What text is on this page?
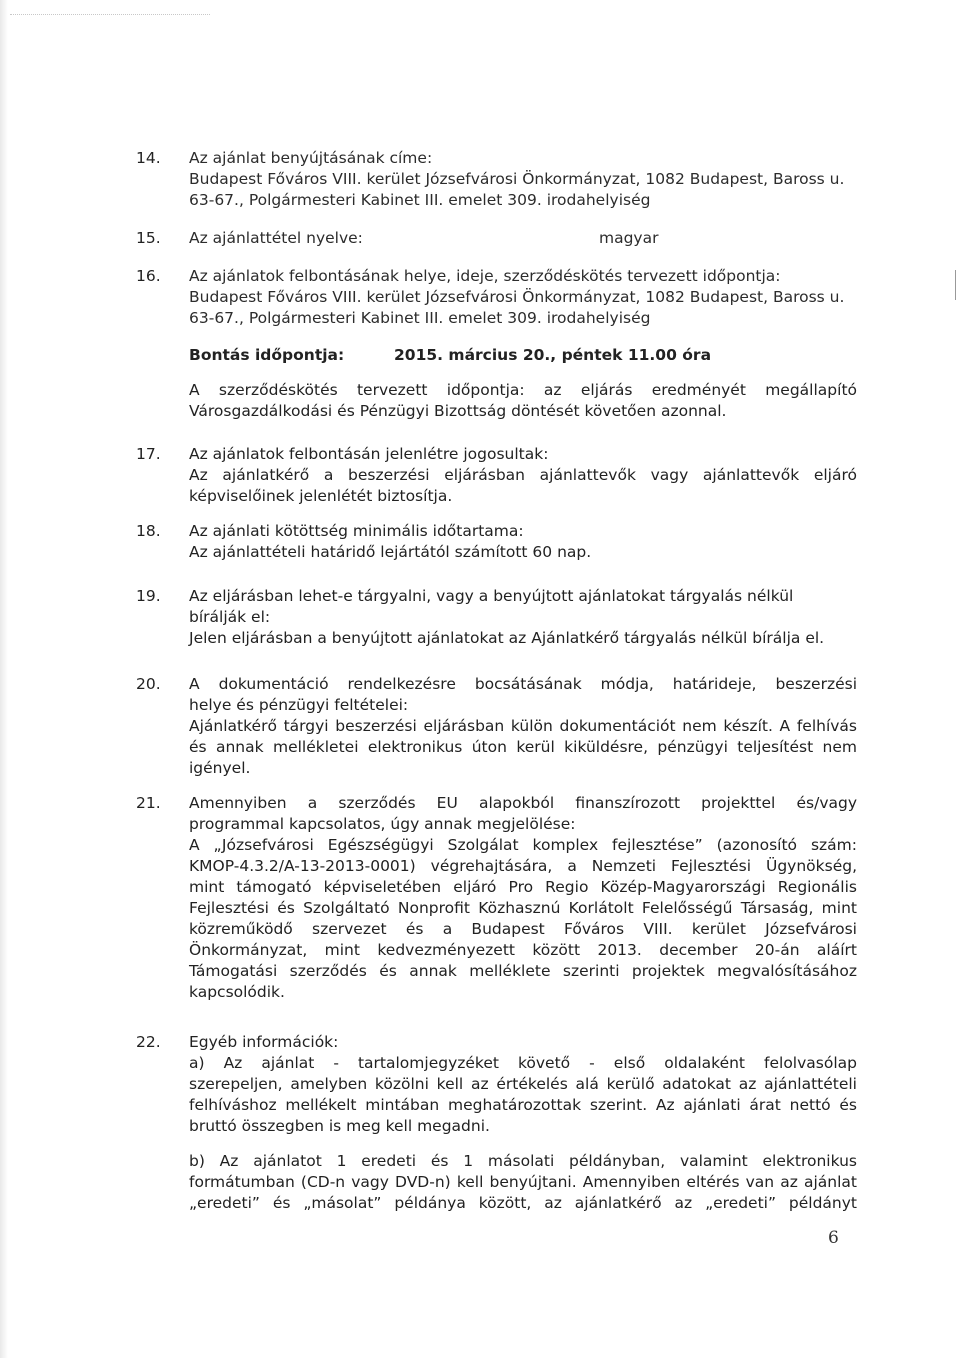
14.	Az ajánlat benyújtásának címe:
Budapest Főváros VIII. kerület Józsefvárosi Önkormányzat, 1082 Budapest, Baross u.
63-67., Polgármesteri Kabinet III. emelet 309. irodahelyiség
15.	Az ajánlattétel nyelve:	magyar
16.	Az ajánlatok felbontásának helye, ideje, szerződéskötés tervezett időpontja:
Budapest Főváros VIII. kerület Józsefvárosi Önkormányzat, 1082 Budapest, Baross u.
63-67., Polgármesteri Kabinet III. emelet 309. irodahelyiség
Bontás időpontja:	2015. március 20., péntek 11.00 óra
A szerződéskötés tervezett időpontja: az eljárás eredményét megállapító
Városgazdálkodási és Pénzügyi Bizottság döntését követően azonnal.
17.	Az ajánlatok felbontásán jelenlétre jogosultak:
Az ajánlatkérő a beszerzési eljárásban ajánlattevők vagy ajánlattevők eljáró
képviselőinek jelenlétét biztosítja.
18.	Az ajánlati kötöttség minimális időtartama:
Az ajánlattételi határidő lejártától számított 60 nap.
19.	Az eljárásban lehet-e tárgyalni, vagy a benyújtott ajánlatokat tárgyalás nélkül
bírálják el:
Jelen eljárásban a benyújtott ajánlatokat az Ajánlatkérő tárgyalás nélkül bírálja el.
20.	A dokumentáció rendelkezésre bocsátásának módja, határideje, beszerzési
helye és pénzügyi feltételei:
Ajánlatkérő tárgyi beszerzési eljárásban külön dokumentációt nem készít. A felhívás
és annak mellékletei elektronikus úton kerül kiküldésre, pénzügyi teljesítést nem
igényel.
21.	Amennyiben a szerződés EU alapokból finanszírozott projekttel és/vagy
programmal kapcsolatos, úgy annak megjelölése:
A „Józsefvárosi Egészségügyi Szolgálat komplex fejlesztése” (azonosító szám:
KMOP-4.3.2/A-13-2013-0001) végrehajtására, a Nemzeti Fejlesztési Ügynökség,
mint támogató képviseletében eljáró Pro Regio Közép-Magyarországi Regionális
Fejlesztési és Szolgáltató Nonprofit Közhasznú Korlátolt Felelősségű Társaság, mint
közreműködő szervezet és a Budapest Főváros VIII. kerület Józsefvárosi
Önkormányzat, mint kedvezményezett között 2013. december 20-án aláírt
Támogatási szerződés és annak melléklete szerinti projektek megvalósításához
kapcsolódik.
22.	Egyéb információk:
a) Az ajánlat - tartalomjegyzéket követő - első oldalaként felolvasólap
szerepeljen, amelyben közölni kell az értékelés alá kerülő adatokat az ajánlattételi
felhíváshoz mellékelt mintában meghatározottak szerint. Az ajánlati árat nettó és
bruttó összegben is meg kell megadni.
b) Az ajánlatot 1 eredeti és 1 másolati példányban, valamint elektronikus
formátumban (CD-n vagy DVD-n) kell benyújtani. Amennyiben eltérés van az ajánlat
„eredeti” és „másolat” példánya között, az ajánlatkérő az „eredeti” példányt
6
